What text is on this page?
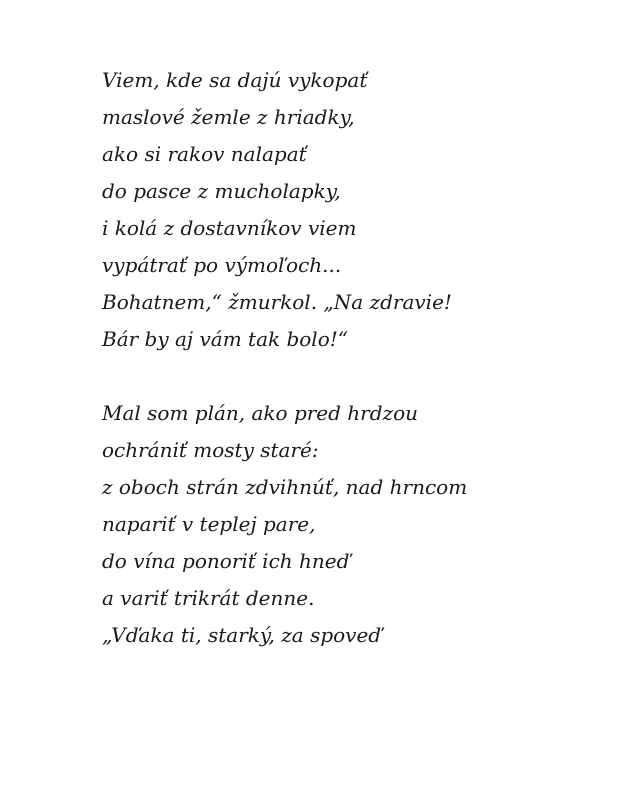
Viem, kde sa dajú vykopať
maslové žemle z hriadky,
ako si rakov nalapať
do pasce z mucholapky,
i kolá z dostavníkov viem
vypátrať po výmoľoch...
Bohatnem,“ žmurkol. „Na zdravie!
Bár by aj vám tak bolo!“
Mal som plán, ako pred hrdzou
ochrániť mosty staré:
z oboch strán zdvihnúť, nad hrncom
napariť v teplej pare,
do vína ponoriť ich hneď
a variť trikrát denne.
„Vďaka ti, starký, za spoveď
